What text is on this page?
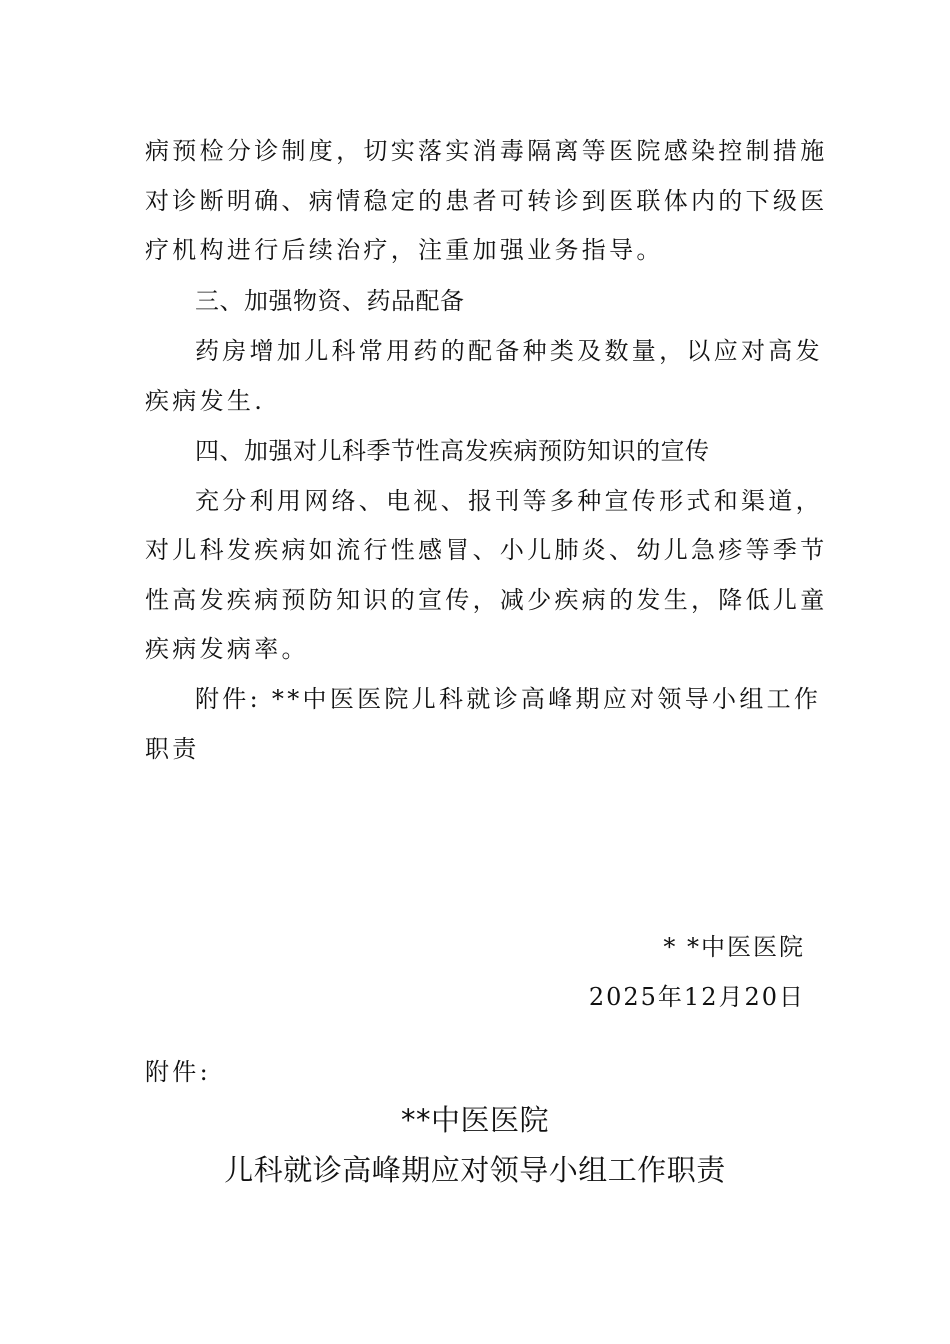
病预检分诊制度，切实落实消毒隔离等医院感染控制措施
对诊断明确、病情稳定的患者可转诊到医联体内的下级医
疗机构进行后续治疗，注重加强业务指导。
三、加强物资、药品配备
药房增加儿科常用药的配备种类及数量，以应对高发
疾病发生.
四、加强对儿科季节性高发疾病预防知识的宣传
充分利用网络、电视、报刊等多种宣传形式和渠道，
对儿科发疾病如流行性感冒、小儿肺炎、幼儿急疹等季节
性高发疾病预防知识的宣传，减少疾病的发生，降低儿童
疾病发病率。
附件: **中医医院儿科就诊高峰期应对领导小组工作
职责
* *中医医院
2025年12月20日
附件:
**中医医院
儿科就诊高峰期应对领导小组工作职责
